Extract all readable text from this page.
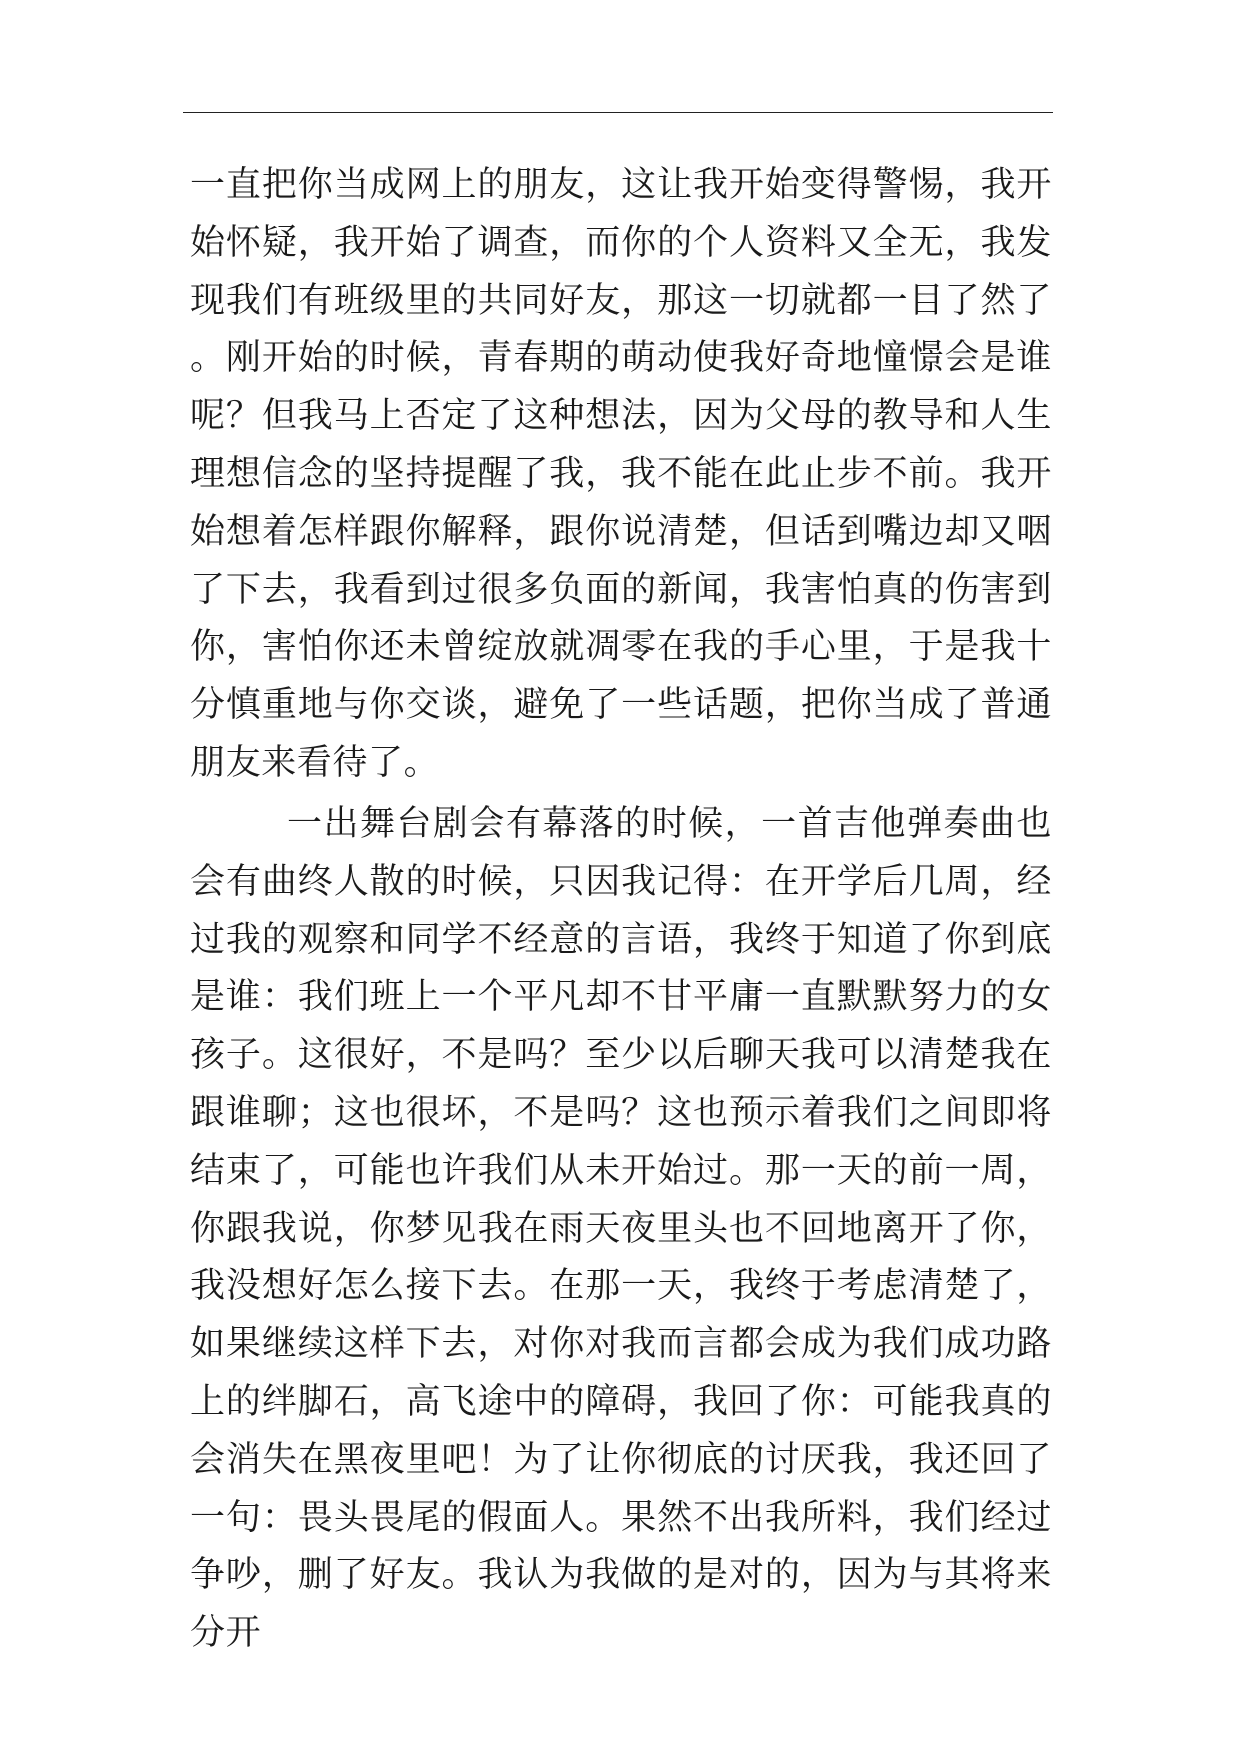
一直把你当成网上的朋友，这让我开始变得警惕，我开始怀疑，我开始了调查，而你的个人资料又全无，我发现我们有班级里的共同好友，那这一切就都一目了然了。刚开始的时候，青春期的萌动使我好奇地憧憬会是谁呢？但我马上否定了这种想法，因为父母的教导和人生理想信念的坚持提醒了我，我不能在此止步不前。我开始想着怎样跟你解释，跟你说清楚，但话到嘴边却又咽了下去，我看到过很多负面的新闻，我害怕真的伤害到你，害怕你还未曾绽放就凋零在我的手心里，于是我十分慎重地与你交谈，避免了一些话题，把你当成了普通朋友来看待了。

一出舞台剧会有幕落的时候，一首吉他弹奏曲也会有曲终人散的时候，只因我记得：在开学后几周，经过我的观察和同学不经意的言语，我终于知道了你到底是谁：我们班上一个平凡却不甘平庸一直默默努力的女孩子。这很好，不是吗？至少以后聊天我可以清楚我在跟谁聊；这也很坏，不是吗？这也预示着我们之间即将结束了，可能也许我们从未开始过。那一天的前一周，你跟我说，你梦见我在雨天夜里头也不回地离开了你，我没想好怎么接下去。在那一天，我终于考虑清楚了，如果继续这样下去，对你对我而言都会成为我们成功路上的绊脚石，高飞途中的障碍，我回了你：可能我真的会消失在黑夜里吧！为了让你彻底的讨厌我，我还回了一句：畏头畏尾的假面人。果然不出我所料，我们经过争吵，删了好友。我认为我做的是对的，因为与其将来分开
